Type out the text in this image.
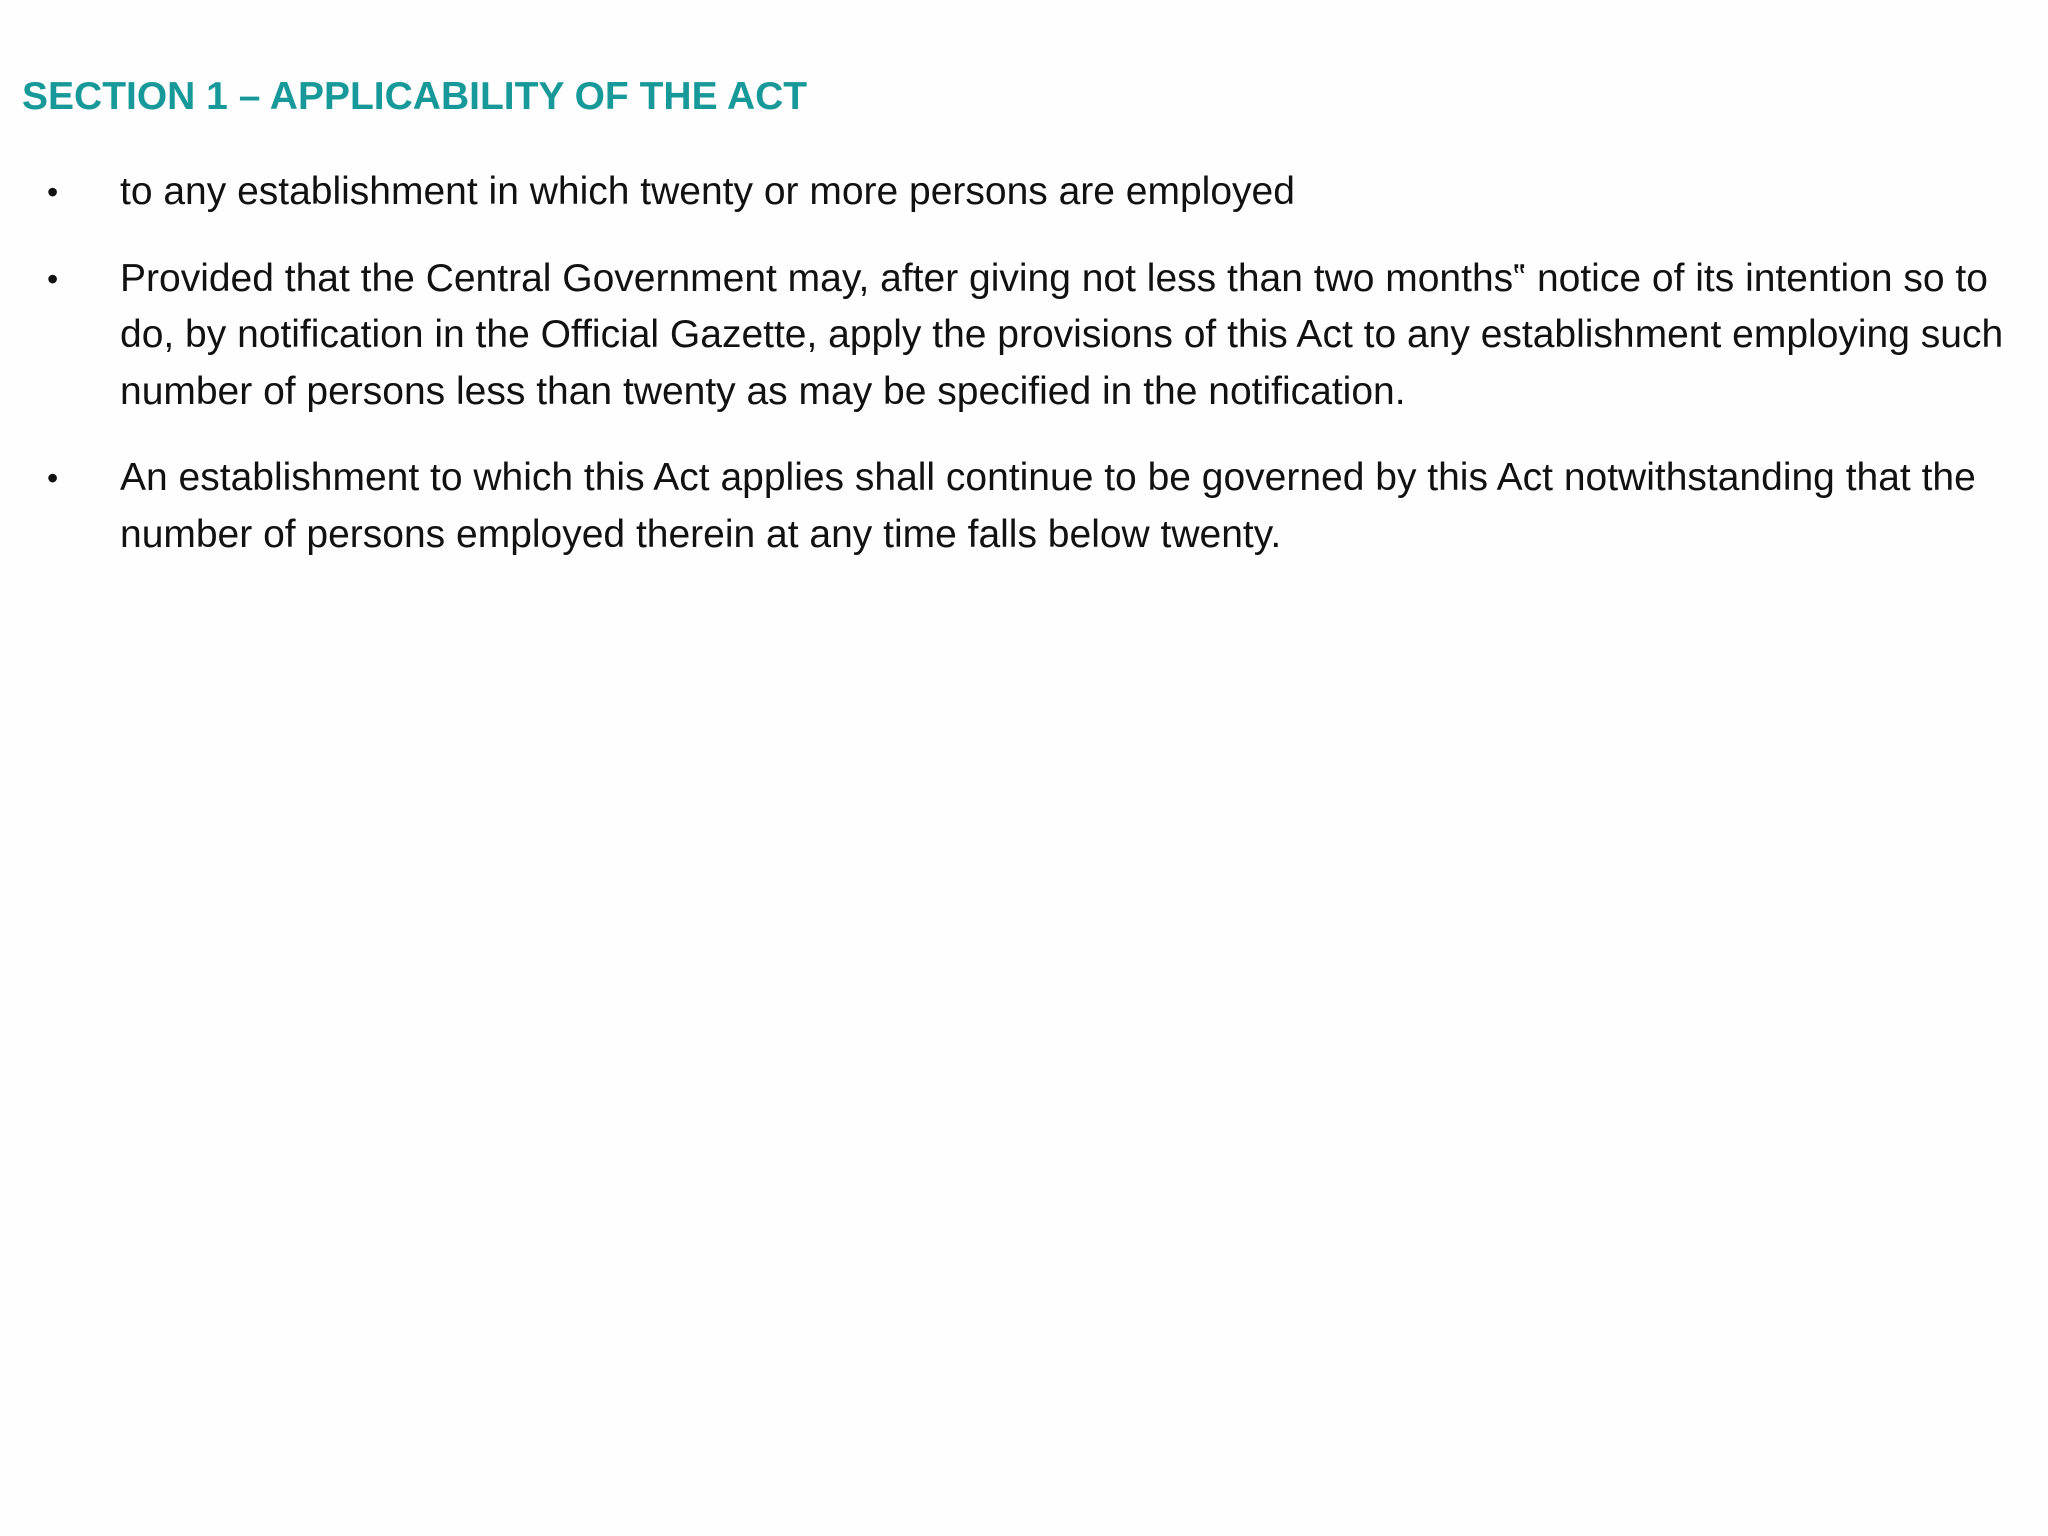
SECTION 1 – APPLICABILITY OF THE ACT
• to any establishment in which twenty or more persons are employed
• Provided that the Central Government may, after giving not less than two months‟ notice of its intention so to do, by notification in the Official Gazette, apply the provisions of this Act to any establishment employing such number of persons less than twenty as may be specified in the notification.
• An establishment to which this Act applies shall continue to be governed by this Act notwithstanding that the number of persons employed therein at any time falls below twenty.
